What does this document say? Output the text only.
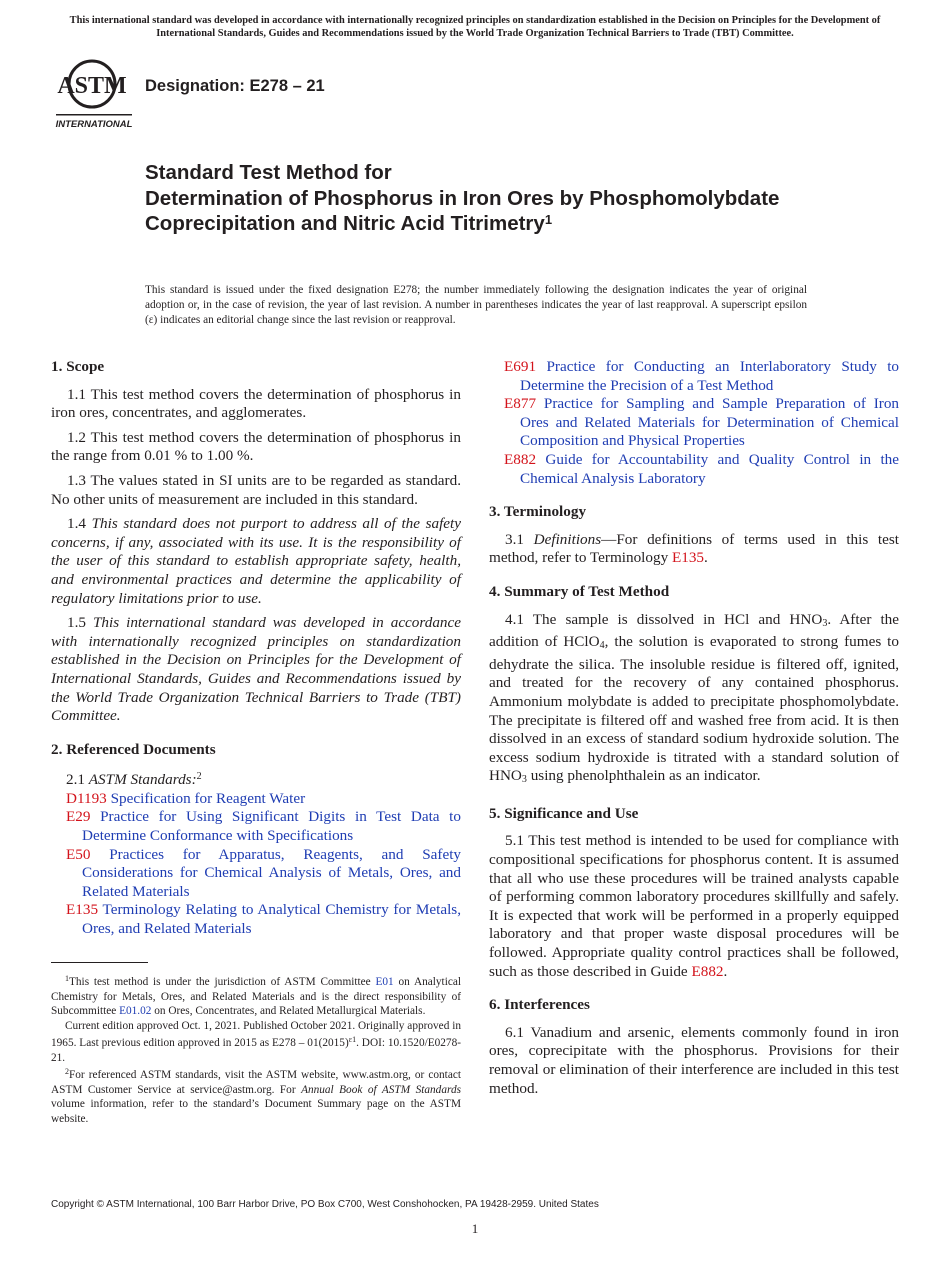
This international standard was developed in accordance with internationally recognized principles on standardization established in the Decision on Principles for the Development of International Standards, Guides and Recommendations issued by the World Trade Organization Technical Barriers to Trade (TBT) Committee.
ASTM
INTERNATIONAL
Designation: E278 – 21
Standard Test Method for
Determination of Phosphorus in Iron Ores by Phosphomolybdate Coprecipitation and Nitric Acid Titrimetry$^1$
This standard is issued under the fixed designation E278; the number immediately following the designation indicates the year of original adoption or, in the case of revision, the year of last revision. A number in parentheses indicates the year of last reapproval. A superscript epsilon (ε) indicates an editorial change since the last revision or reapproval.
1. Scope

1.1 This test method covers the determination of phosphorus in iron ores, concentrates, and agglomerates.

1.2 This test method covers the determination of phosphorus in the range from 0.01 % to 1.00 %.

1.3 The values stated in SI units are to be regarded as standard. No other units of measurement are included in this standard.

1.4 This standard does not purport to address all of the safety concerns, if any, associated with its use. It is the responsibility of the user of this standard to establish appropriate safety, health, and environmental practices and determine the applicability of regulatory limitations prior to use.

1.5 This international standard was developed in accordance with internationally recognized principles on standardization established in the Decision on Principles for the Development of International Standards, Guides and Recommendations issued by the World Trade Organization Technical Barriers to Trade (TBT) Committee.

2. Referenced Documents
2.1 ASTM Standards:$^2$
D1193 Specification for Reagent Water
E29 Practice for Using Significant Digits in Test Data to Determine Conformance with Specifications
E50 Practices for Apparatus, Reagents, and Safety Considerations for Chemical Analysis of Metals, Ores, and Related Materials
E135 Terminology Relating to Analytical Chemistry for Metals, Ores, and Related Materials

$^1$This test method is under the jurisdiction of ASTM Committee E01 on Analytical Chemistry for Metals, Ores, and Related Materials and is the direct responsibility of Subcommittee E01.02 on Ores, Concentrates, and Related Metallurgical Materials.

Current edition approved Oct. 1, 2021. Published October 2021. Originally approved in 1965. Last previous edition approved in 2015 as $E278 - 01(2015)^{\varepsilon 1}$. DOI: 10.1520/E0278-21.

$^2$For referenced ASTM standards, visit the ASTM website, www.astm.org, or contact ASTM Customer Service at service@astm.org. For Annual Book of ASTM Standards volume information, refer to the standard’s Document Summary page on the ASTM website.

E691 Practice for Conducting an Interlaboratory Study to Determine the Precision of a Test Method
E877 Practice for Sampling and Sample Preparation of Iron Ores and Related Materials for Determination of Chemical Composition and Physical Properties
E882 Guide for Accountability and Quality Control in the Chemical Analysis Laboratory
3. Terminology

3.1 Definitions—For definitions of terms used in this test method, refer to Terminology E135.

4. Summary of Test Method

4.1 The sample is dissolved in HCl and $HNO_3$. After the addition of HClO$_4$, the solution is evaporated to strong fumes to dehydrate the silica. The insoluble residue is filtered off, ignited, and treated for the recovery of any contained phosphorus. Ammonium molybdate is added to precipitate phosphomolybdate. The precipitate is filtered off and washed free from acid. It is then dissolved in an excess of standard sodium hydroxide solution. The excess sodium hydroxide is titrated with a standard solution of $HNO_3$ using phenolphthalein as an indicator.

5. Significance and Use

5.1 This test method is intended to be used for compliance with compositional specifications for phosphorus content. It is assumed that all who use these procedures will be trained analysts capable of performing common laboratory procedures skillfully and safely. It is expected that work will be performed in a properly equipped laboratory and that proper waste disposal procedures will be followed. Appropriate quality control practices shall be followed, such as those described in Guide E882.

6. Interferences

6.1 Vanadium and arsenic, elements commonly found in iron ores, coprecipitate with the phosphorus. Provisions for their removal or elimination of their interference are included in this test method.

Copyright © ASTM International, 100 Barr Harbor Drive, PO Box C700, West Conshohocken, PA 19428-2959. United States
1
